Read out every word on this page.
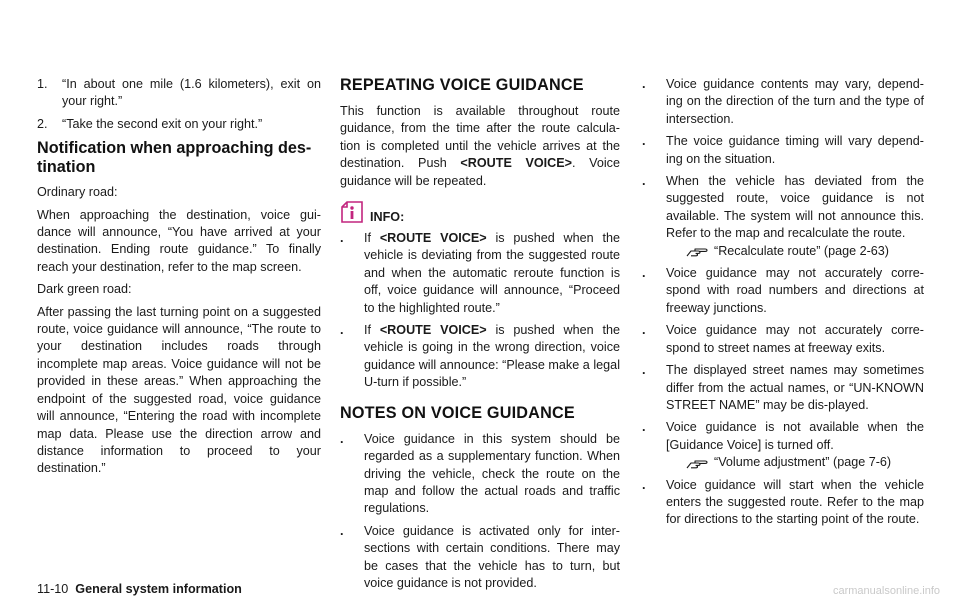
1.	“In about one mile (1.6 kilometers), exit on your right.”
2.	“Take the second exit on your right.”
Notification when approaching des-tination

Ordinary road:

When approaching the destination, voice gui-dance will announce, “You have arrived at your destination. Ending route guidance.” To finally reach your destination, refer to the map screen.

Dark green road:

After passing the last turning point on a suggested route, voice guidance will announce, “The route to your destination includes roads through incomplete map areas. Voice guidance will not be provided in these areas.” When approaching the endpoint of the suggested road, voice guidance will announce, “Entering the road with incomplete map data. Please use the direction arrow and distance information to proceed to your destination.”

REPEATING VOICE GUIDANCE

This function is available throughout route guidance, from the time after the route calcula-tion is completed until the vehicle arrives at the destination. Push <ROUTE VOICE>. Voice guidance will be repeated.

INFO:
.	If <ROUTE VOICE> is pushed when the vehicle is deviating from the suggested route and when the automatic reroute function is off, voice guidance will announce, “Proceed to the highlighted route.”
.	If <ROUTE VOICE> is pushed when the vehicle is going in the wrong direction, voice guidance will announce: “Please make a legal U-turn if possible.”
NOTES ON VOICE GUIDANCE
.	Voice guidance in this system should be regarded as a supplementary function. When driving the vehicle, check the route on the map and follow the actual roads and traffic regulations.
.	Voice guidance is activated only for inter-sections with certain conditions. There may be cases that the vehicle has to turn, but voice guidance is not provided.
.	Voice guidance contents may vary, depend-ing on the direction of the turn and the type of intersection.
.	The voice guidance timing will vary depend-ing on the situation.
.	When the vehicle has deviated from the suggested route, voice guidance is not available. The system will not announce this. Refer to the map and recalculate the route.
“Recalculate route” (page 2-63)
.	Voice guidance may not accurately corre-spond with road numbers and directions at freeway junctions.
.	Voice guidance may not accurately corre-spond to street names at freeway exits.
.	The displayed street names may sometimes differ from the actual names, or “UN-KNOWN STREET NAME” may be dis-played.
.	Voice guidance is not available when the [Guidance Voice] is turned off.
“Volume adjustment” (page 7-6)
.	Voice guidance will start when the vehicle enters the suggested route. Refer to the map for directions to the starting point of the route.
11-10 General system information	carmanualsonline.info
